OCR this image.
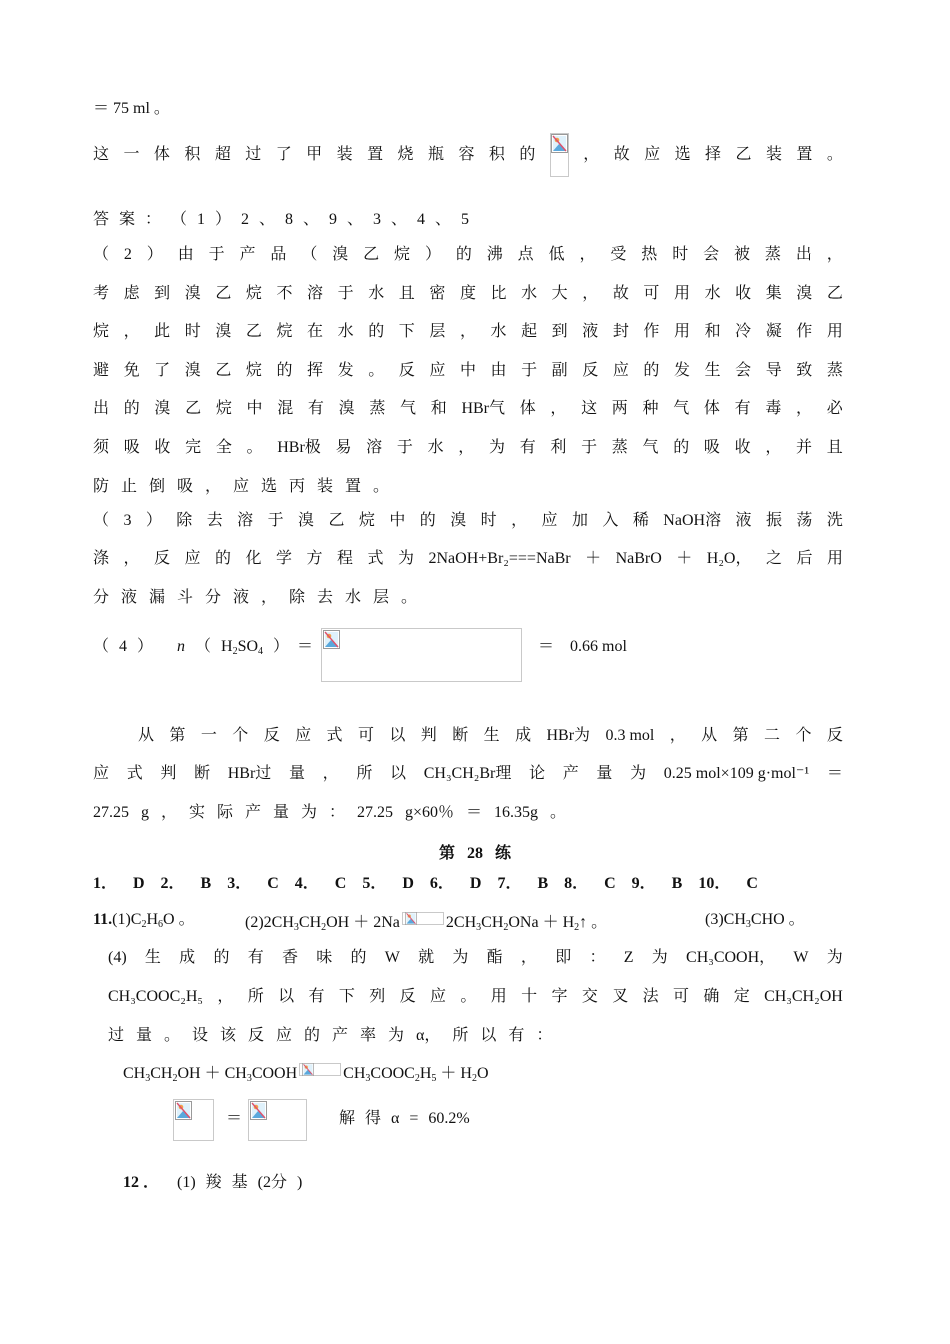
＝ 75 ml 。
这 一 体 积 超 过 了 甲 装 置 烧 瓶 容 积 的	， 故 应 选 择 乙 装 置 。
答 案 ： （ 1 ） 2 、 8 、 9 、 3 、 4 、 5
（ 2 ） 由 于 产 品 （ 溴 乙 烷 ） 的 沸 点 低 ， 受 热 时 会 被 蒸 出 ，
考 虑 到 溴 乙 烷 不 溶 于 水 且 密 度 比 水 大 ， 故 可 用 水 收 集 溴 乙
烷 ， 此 时 溴 乙 烷 在 水 的 下 层 ， 水 起 到 液 封 作 用 和 冷 凝 作 用
避 免 了 溴 乙 烷 的 挥 发 。 反 应 中 由 于 副 反 应 的 发 生 会 导 致 蒸
出 的 溴 乙 烷 中 混 有 溴 蒸 气 和 HBr气 体 ， 这 两 种 气 体 有 毒 ， 必
须 吸 收 完 全 。 HBr极 易 溶 于 水 ， 为 有 利 于 蒸 气 的 吸 收 ， 并 且
防 止 倒 吸 ， 应 选 丙 装 置 。
（ 3 ） 除 去 溶 于 溴 乙 烷 中 的 溴 时 ， 应 加 入 稀 NaOH溶 液 振 荡 洗
涤 ， 反 应 的 化 学 方 程 式 为 2NaOH+Br₂===NaBr ＋ NaBrO ＋ H₂O， 之 后 用
分 液 漏 斗 分 液 ， 除 去 水 层 。
（ 4 ） n （ $H_2SO_4$ ）　＝	＝　0.66 mol
从 第 一 个 反 应 式 可 以 判 断 生 成 HBr为 0.3 mol ， 从 第 二 个 反
应 式 判 断 HBr过 量 ， 所 以 CH₃CH₂Br理 论 产 量 为 0.25 mol×109 g·mol⁻¹ ＝
27.25 g ， 实 际 产 量 为 ： 27.25 g×60％ ＝ 16.35g 。
第 28 练
1． D 2． B 3． C 4． C 5． D 6． D 7． B 8． C 9． B 10． C
$11.(1)C_2H_6O$ 。	$(2)2CH_3CH_2OH + 2Na$	$2CH_3CH_2ONa$ ＋ $H_2↑$ 。	$(3)CH_3CHO$ 。
(4) 生 成 的 有 香 味 的 W 就 为 酯 ， 即 ： Z 为 CH₃COOH， W 为
CH₃COOC₂H₅ ， 所 以 有 下 列 反 应 。 用 十 字 交 叉 法 可 确 定 CH₃CH₂OH
过 量 。 设 该 反 应 的 产 率 为 α， 所 以 有 ：
$CH_3CH_2OH$ ＋ $CH_3COOH$	$CH_3COOC_2H_5 + H_2O$
＝	解 得 α = 60.2%
12 ． (1) 羧 基 (2分 )
